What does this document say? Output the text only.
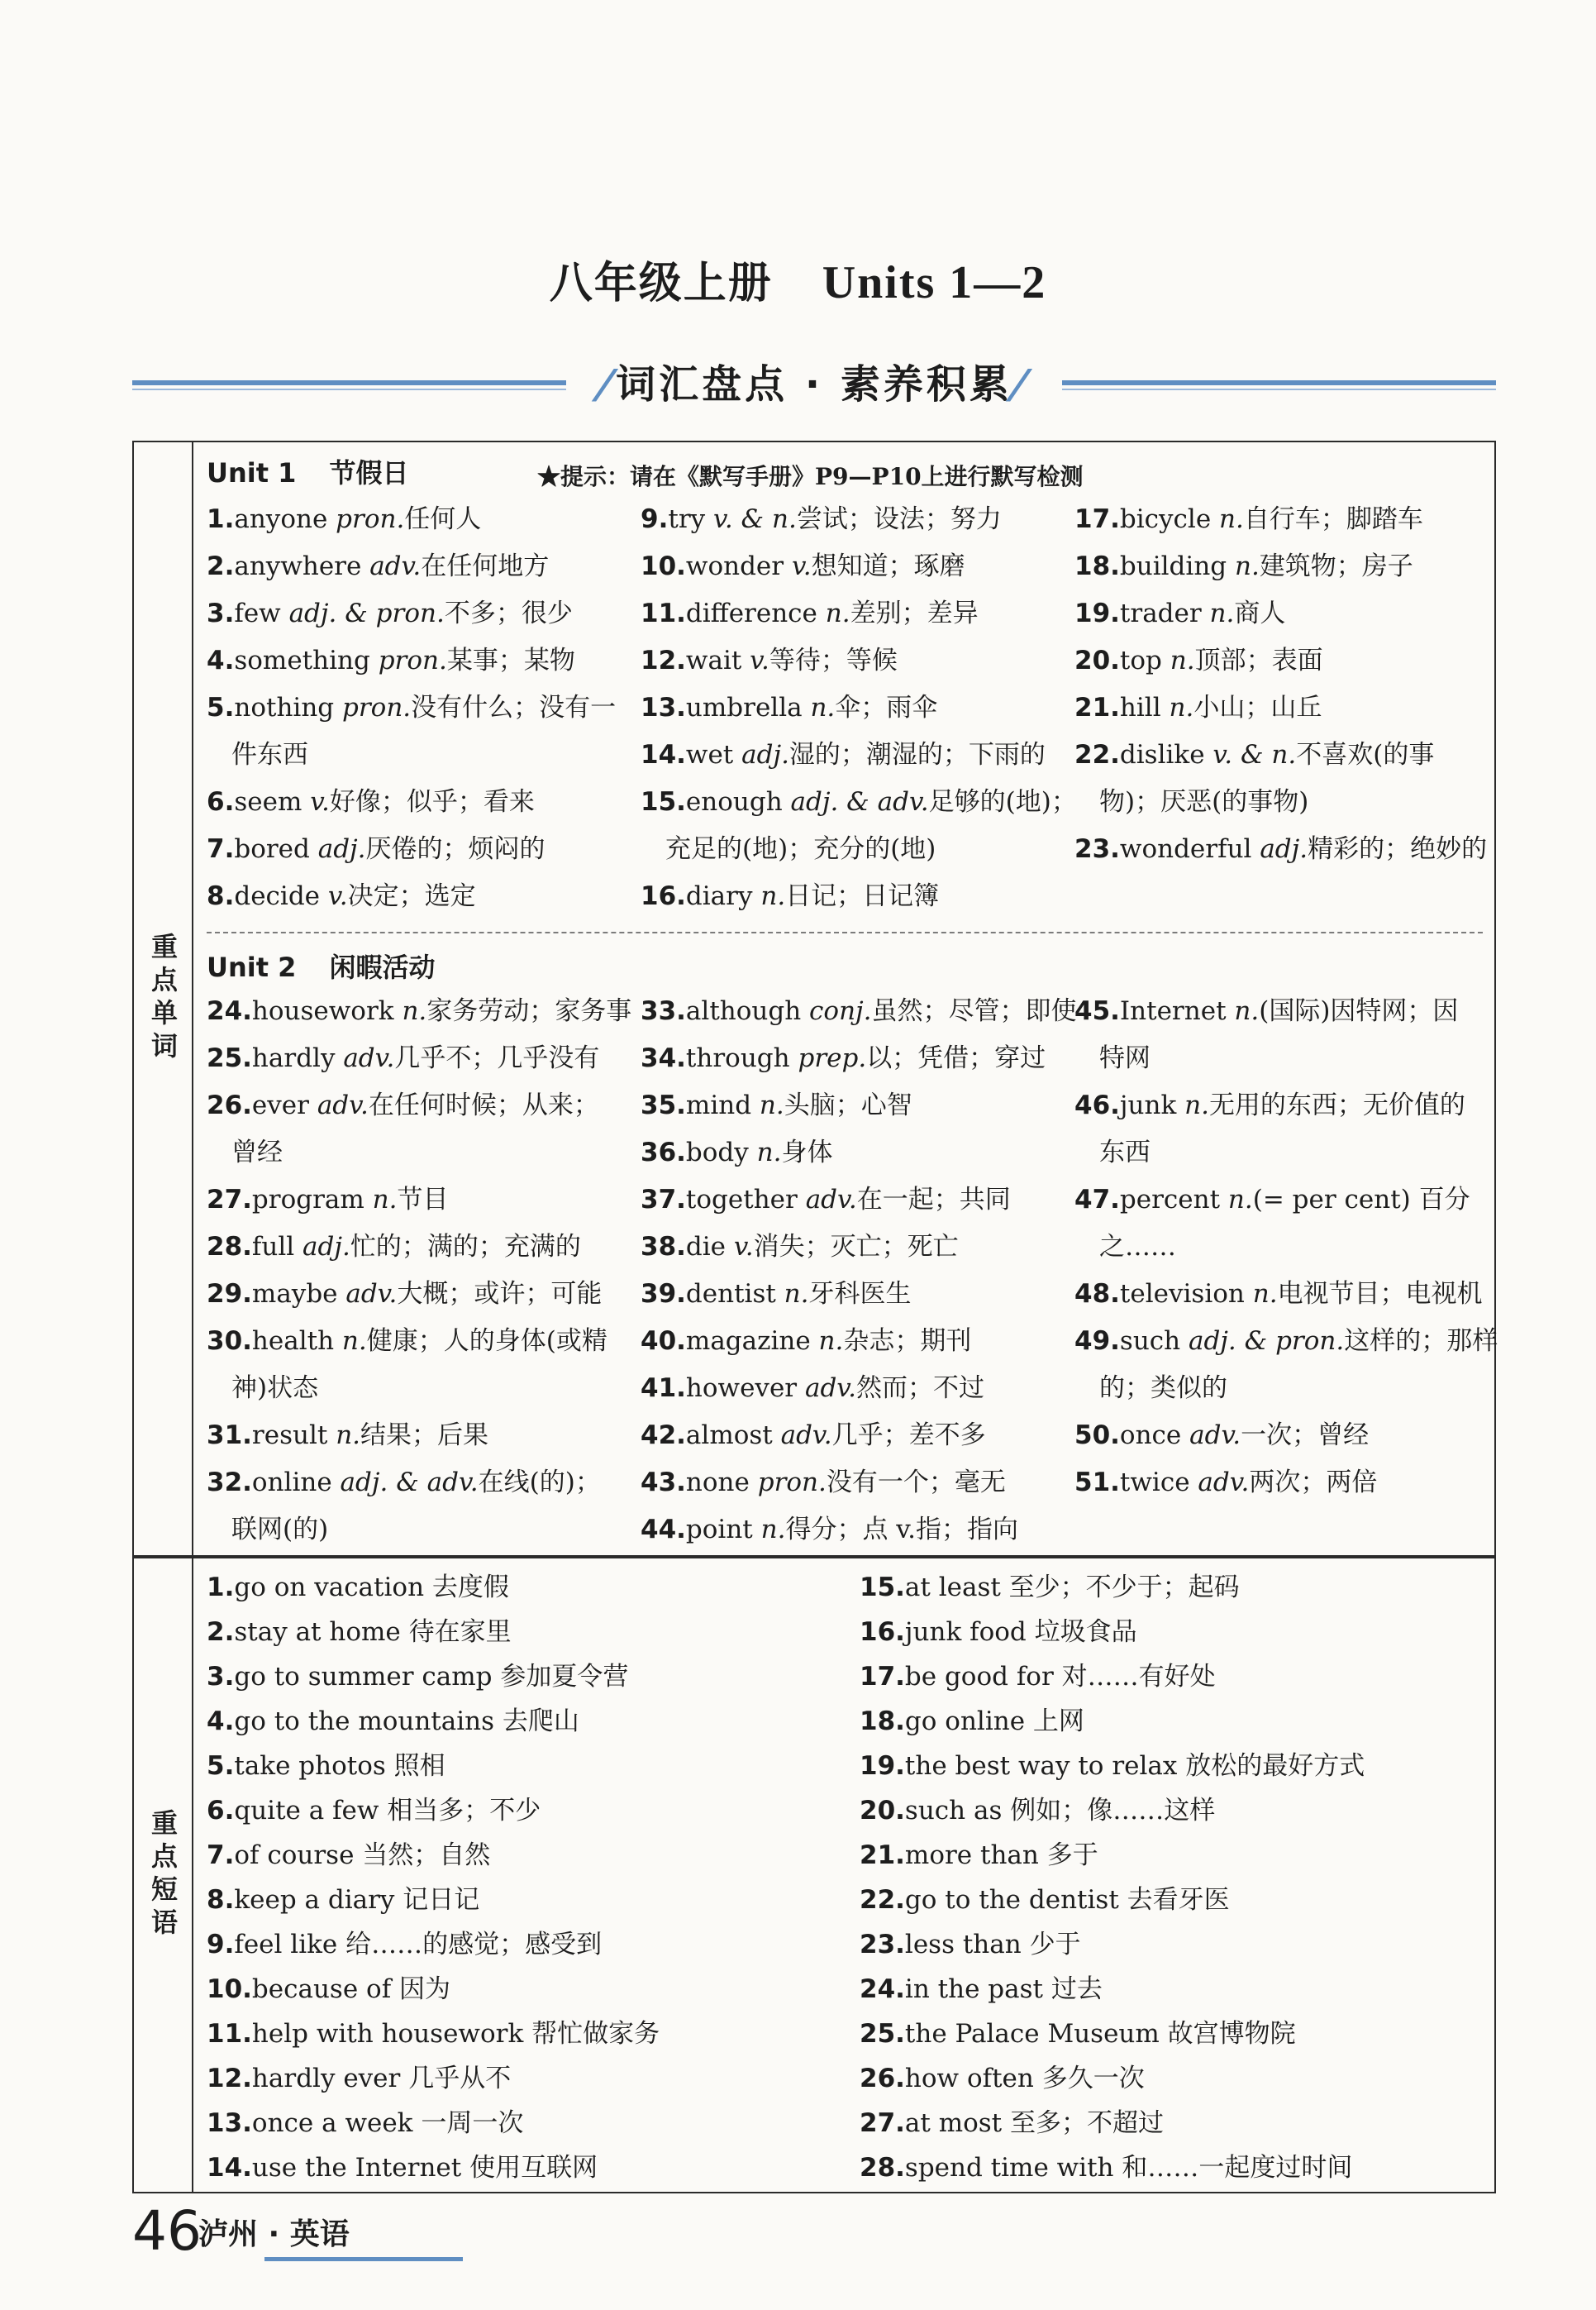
八年级上册 Units 1—2
/词汇盘点 · 素养积累/
重点单词
Unit 1 节假日	★提示：请在《默写手册》P9—P10上进行默写检测
1.anyone pron.任何人
2.anywhere adv.在任何地方
3.few adj. & pron.不多；很少
4.something pron.某事；某物
5.nothing pron.没有什么；没有一
件东西
6.seem v.好像；似乎；看来
7.bored adj.厌倦的；烦闷的
8.decide v.决定；选定
9.try v. & n.尝试；设法；努力
10.wonder v.想知道；琢磨
11.difference n.差别；差异
12.wait v.等待；等候
13.umbrella n.伞；雨伞
14.wet adj.湿的；潮湿的；下雨的
15.enough adj. & adv.足够的(地)；
充足的(地)；充分的(地)
16.diary n.日记；日记簿
17.bicycle n.自行车；脚踏车
18.building n.建筑物；房子
19.trader n.商人
20.top n.顶部；表面
21.hill n.小山；山丘
22.dislike v. & n.不喜欢(的事
物)；厌恶(的事物)
23.wonderful adj.精彩的；绝妙的
Unit 2 闲暇活动
24.housework n.家务劳动；家务事
25.hardly adv.几乎不；几乎没有
26.ever adv.在任何时候；从来；
曾经
27.program n.节目
28.full adj.忙的；满的；充满的
29.maybe adv.大概；或许；可能
30.health n.健康；人的身体(或精
神)状态
31.result n.结果；后果
32.online adj. & adv.在线(的)；
联网(的)
33.although conj.虽然；尽管；即使
34.through prep.以；凭借；穿过
35.mind n.头脑；心智
36.body n.身体
37.together adv.在一起；共同
38.die v.消失；灭亡；死亡
39.dentist n.牙科医生
40.magazine n.杂志；期刊
41.however adv.然而；不过
42.almost adv.几乎；差不多
43.none pron.没有一个；毫无
44.point n.得分；点 v.指；指向
45.Internet n.(国际)因特网；因
特网
46.junk n.无用的东西；无价值的
东西
47.percent n.(= per cent) 百分
之……
48.television n.电视节目；电视机
49.such adj. & pron.这样的；那样
的；类似的
50.once adv.一次；曾经
51.twice adv.两次；两倍
重点短语
1.go on vacation 去度假
2.stay at home 待在家里
3.go to summer camp 参加夏令营
4.go to the mountains 去爬山
5.take photos 照相
6.quite a few 相当多；不少
7.of course 当然；自然
8.keep a diary 记日记
9.feel like 给……的感觉；感受到
10.because of 因为
11.help with housework 帮忙做家务
12.hardly ever 几乎从不
13.once a week 一周一次
14.use the Internet 使用互联网
15.at least 至少；不少于；起码
16.junk food 垃圾食品
17.be good for 对……有好处
18.go online 上网
19.the best way to relax 放松的最好方式
20.such as 例如；像……这样
21.more than 多于
22.go to the dentist 去看牙医
23.less than 少于
24.in the past 过去
25.the Palace Museum 故宫博物院
26.how often 多久一次
27.at most 至多；不超过
28.spend time with 和……一起度过时间
46
泸州 · 英语
